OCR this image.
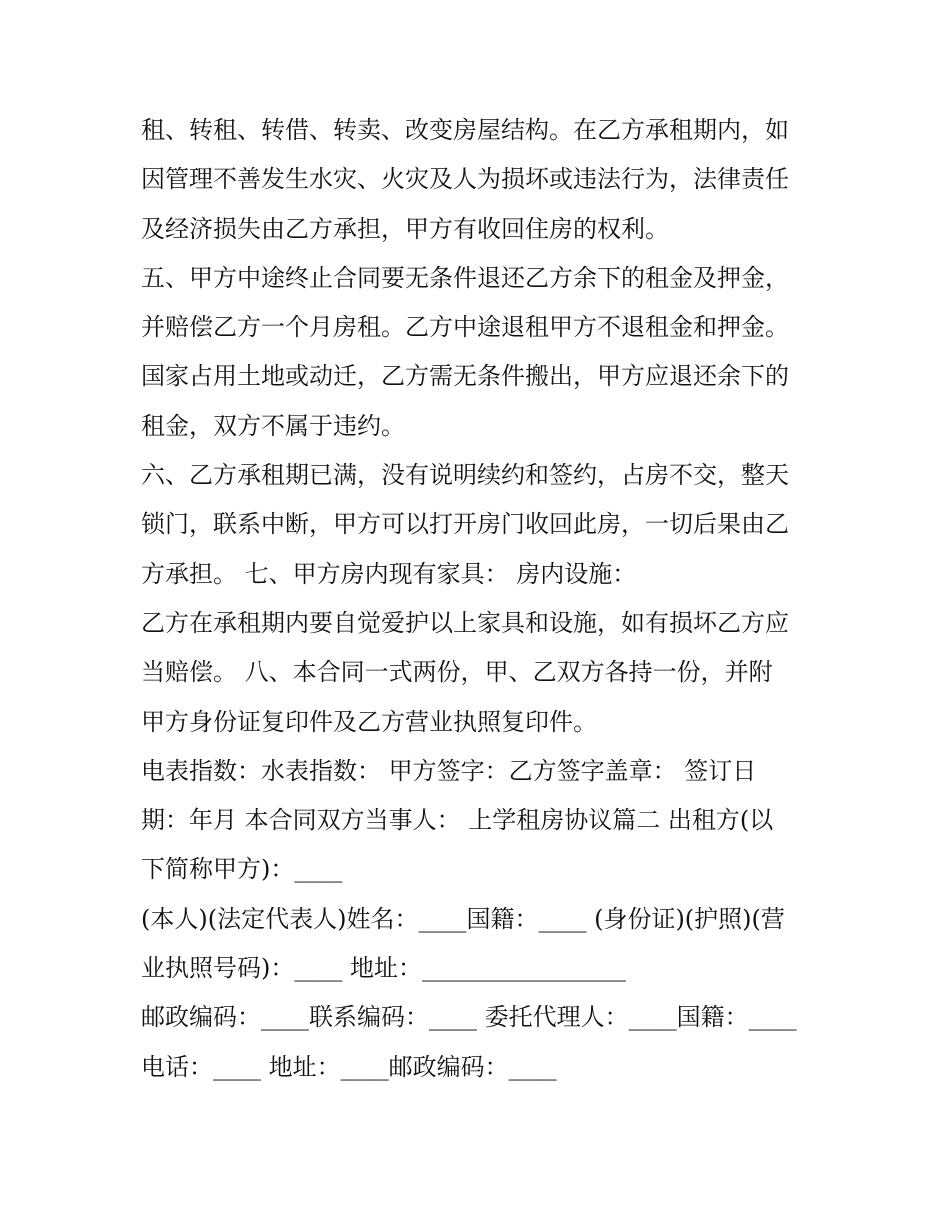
租、转租、转借、转卖、改变房屋结构。在乙方承租期内，如
因管理不善发生水灾、火灾及人为损坏或违法行为，法律责任
及经济损失由乙方承担，甲方有收回住房的权利。
五、甲方中途终止合同要无条件退还乙方余下的租金及押金，
并赔偿乙方一个月房租。乙方中途退租甲方不退租金和押金。
国家占用土地或动迁，乙方需无条件搬出，甲方应退还余下的
租金，双方不属于违约。
六、乙方承租期已满，没有说明续约和签约，占房不交，整天
锁门，联系中断，甲方可以打开房门收回此房，一切后果由乙
方承担。 七、甲方房内现有家具： 房内设施：
乙方在承租期内要自觉爱护以上家具和设施，如有损坏乙方应
当赔偿。 八、本合同一式两份，甲、乙双方各持一份，并附
甲方身份证复印件及乙方营业执照复印件。
电表指数：水表指数： 甲方签字：乙方签字盖章： 签订日
期：年月 本合同双方当事人： 上学租房协议篇二 出租方(以
下简称甲方)：____
(本人)(法定代表人)姓名：____国籍：____ (身份证)(护照)(营
业执照号码)：____ 地址：_________________
邮政编码：____联系编码：____ 委托代理人：____国籍：____
电话：____ 地址：____邮政编码：____
